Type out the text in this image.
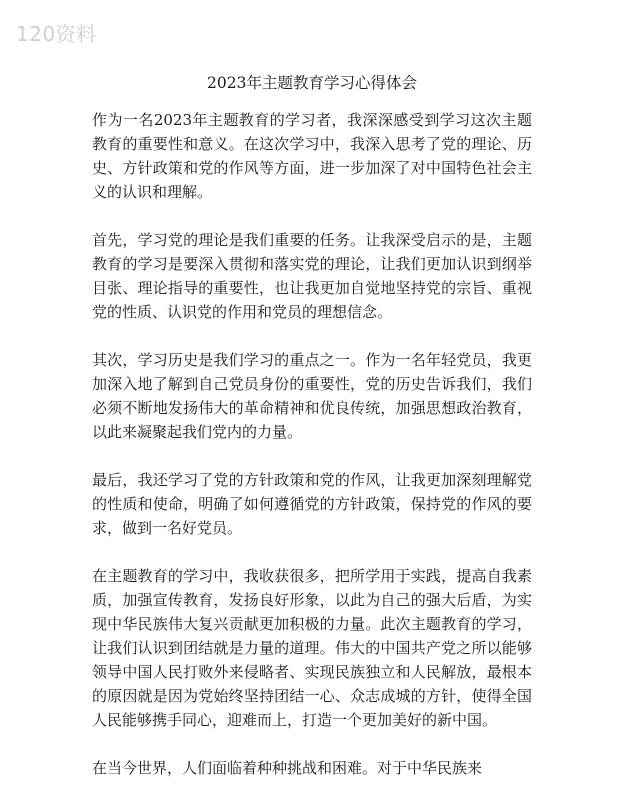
120资料
2023年主题教育学习心得体会

作为一名2023年主题教育的学习者，我深深感受到学习这次主题教育的重要性和意义。在这次学习中，我深入思考了党的理论、历史、方针政策和党的作风等方面，进一步加深了对中国特色社会主义的认识和理解。

首先，学习党的理论是我们重要的任务。让我深受启示的是，主题教育的学习是要深入贯彻和落实党的理论，让我们更加认识到纲举目张、理论指导的重要性，也让我更加自觉地坚持党的宗旨、重视党的性质、认识党的作用和党员的理想信念。

其次，学习历史是我们学习的重点之一。作为一名年轻党员，我更加深入地了解到自己党员身份的重要性，党的历史告诉我们，我们必须不断地发扬伟大的革命精神和优良传统，加强思想政治教育，以此来凝聚起我们党内的力量。

最后，我还学习了党的方针政策和党的作风，让我更加深刻理解党的性质和使命，明确了如何遵循党的方针政策，保持党的作风的要求，做到一名好党员。

在主题教育的学习中，我收获很多，把所学用于实践，提高自我素质，加强宣传教育，发扬良好形象，以此为自己的强大后盾，为实现中华民族伟大复兴贡献更加积极的力量。此次主题教育的学习，让我们认识到团结就是力量的道理。伟大的中国共产党之所以能够领导中国人民打败外来侵略者、实现民族独立和人民解放，最根本的原因就是因为党始终坚持团结一心、众志成城的方针，使得全国人民能够携手同心，迎难而上，打造一个更加美好的新中国。

在当今世界，人们面临着种种挑战和困难。对于中华民族来
